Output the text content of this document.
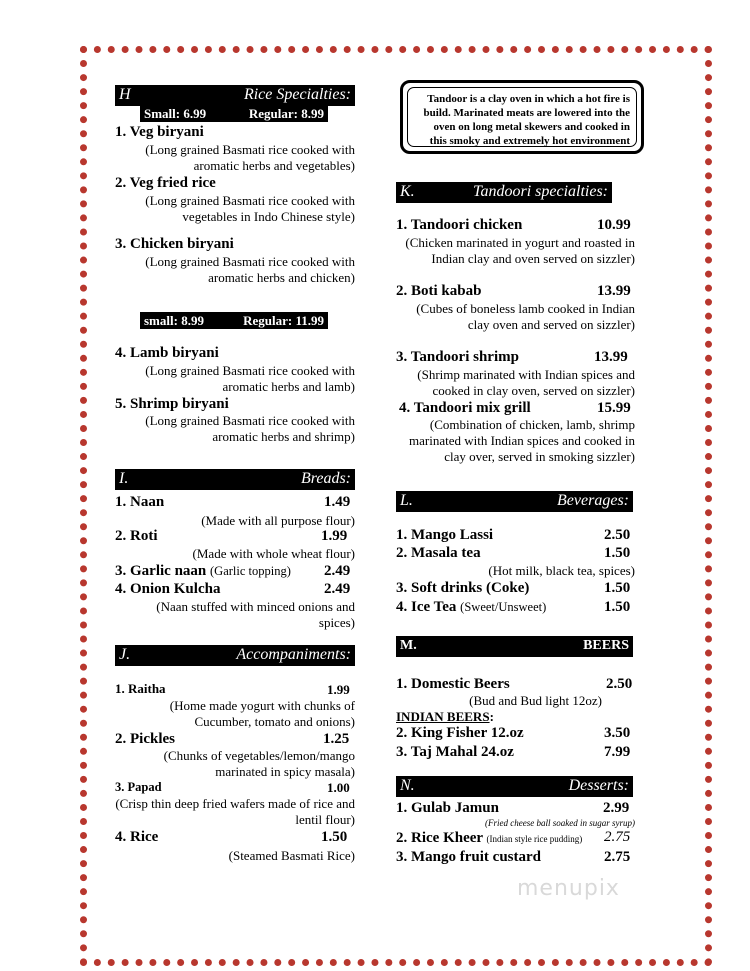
H	Rice Specialties:
Small: 6.99	Regular: 8.99
1. Veg biryani
(Long grained Basmati rice cooked with aromatic herbs and vegetables)
2. Veg fried rice
(Long grained Basmati rice cooked with vegetables in Indo Chinese style)
3. Chicken biryani
(Long grained Basmati rice cooked with aromatic herbs and chicken)
small: 8.99	Regular: 11.99
4. Lamb biryani
(Long grained Basmati rice cooked with aromatic herbs and lamb)
5. Shrimp biryani
(Long grained Basmati rice cooked with aromatic herbs and shrimp)
I.	Breads:
1. Naan	1.49
(Made with all purpose flour)
2. Roti	1.99
(Made with whole wheat flour)
3. Garlic naan (Garlic topping) 2.49
4. Onion Kulcha	2.49
(Naan stuffed with minced onions and spices)
J.	Accompaniments:
1. Raitha	1.99
(Home made yogurt with chunks of Cucumber, tomato and onions)
2. Pickles	1.25
(Chunks of vegetables/lemon/mango marinated in spicy masala)
3. Papad	1.00
(Crisp thin deep fried wafers made of rice and lentil flour)
4. Rice	1.50
(Steamed Basmati Rice)
Tandoor is a clay oven in which a hot fire is build. Marinated meats are lowered into the oven on long metal skewers and cooked in this smoky and extremely hot environment
K.	Tandoori specialties:
1. Tandoori chicken	10.99
(Chicken marinated in yogurt and roasted in Indian clay and oven served on sizzler)
2. Boti kabab	13.99
(Cubes of boneless lamb cooked in Indian clay oven and served on sizzler)
3. Tandoori shrimp	13.99
(Shrimp marinated with Indian spices and cooked in clay oven, served on sizzler)
4. Tandoori mix grill	15.99
(Combination of chicken, lamb, shrimp marinated with Indian spices and cooked in clay over, served in smoking sizzler)
L.	Beverages:
1. Mango Lassi	2.50
2. Masala tea	1.50
(Hot milk, black tea, spices)
3. Soft drinks (Coke)	1.50
4. Ice Tea (Sweet/Unsweet)	1.50
M.	BEERS
1. Domestic Beers	2.50
(Bud and Bud light 12oz)
INDIAN BEERS:
2. King Fisher 12.oz	3.50
3. Taj Mahal 24.oz	7.99
N.	Desserts:
1. Gulab Jamun	2.99
(Fried cheese ball soaked in sugar syrup)
2. Rice Kheer (Indian style rice pudding) 2.75
3. Mango fruit custard	2.75
menupix
